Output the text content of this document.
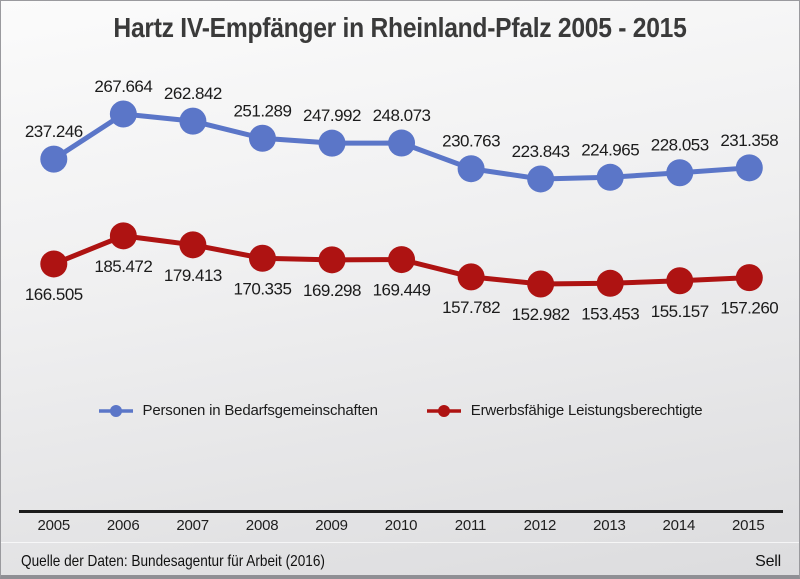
Hartz IV-Empfänger in Rheinland-Pfalz 2005 - 2015
237.246
267.664 262.842
251.289 247.992 248.073
230.763
223.843 224.965 228.053 231.358
166.505
185.472 179.413
170.335 169.298 169.449
157.782 152.982 153.453 155.157 157.260
Personen in Bedarfsgemeinschaften	Erwerbsfähige Leistungsberechtigte
2005	2006	2007	2008	2009	2010	2011	2012	2013	2014	2015
Quelle der Daten: Bundesagentur für Arbeit (2016)	Sell
